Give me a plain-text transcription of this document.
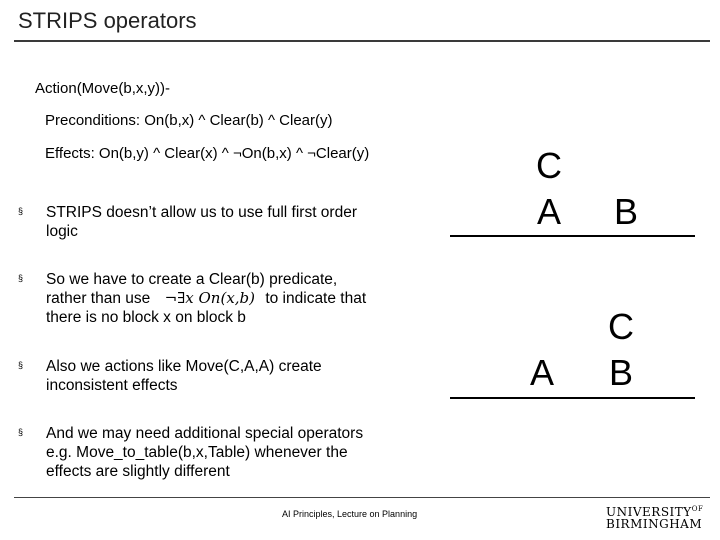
STRIPS operators
Action(Move(b,x,y))-
Preconditions: On(b,x) ^ Clear(b) ^ Clear(y)
Effects: On(b,y) ^ Clear(x) ^ ¬On(b,x) ^ ¬Clear(y)
§ STRIPS doesn’t allow us to use full first order
logic
§ So we have to create a Clear(b) predicate,
rather than use ¬∃x On(x,b) to indicate that
there is no block x on block b
§ Also we actions like Move(C,A,A) create
inconsistent effects
§ And we may need additional special operators
e.g. Move_to_table(b,x,Table) whenever the
effects are slightly different
C
A B
A
C
B
AI Principles, Lecture on Planning	$UNIVERSITY^{OF}$
BIRMINGHAM
